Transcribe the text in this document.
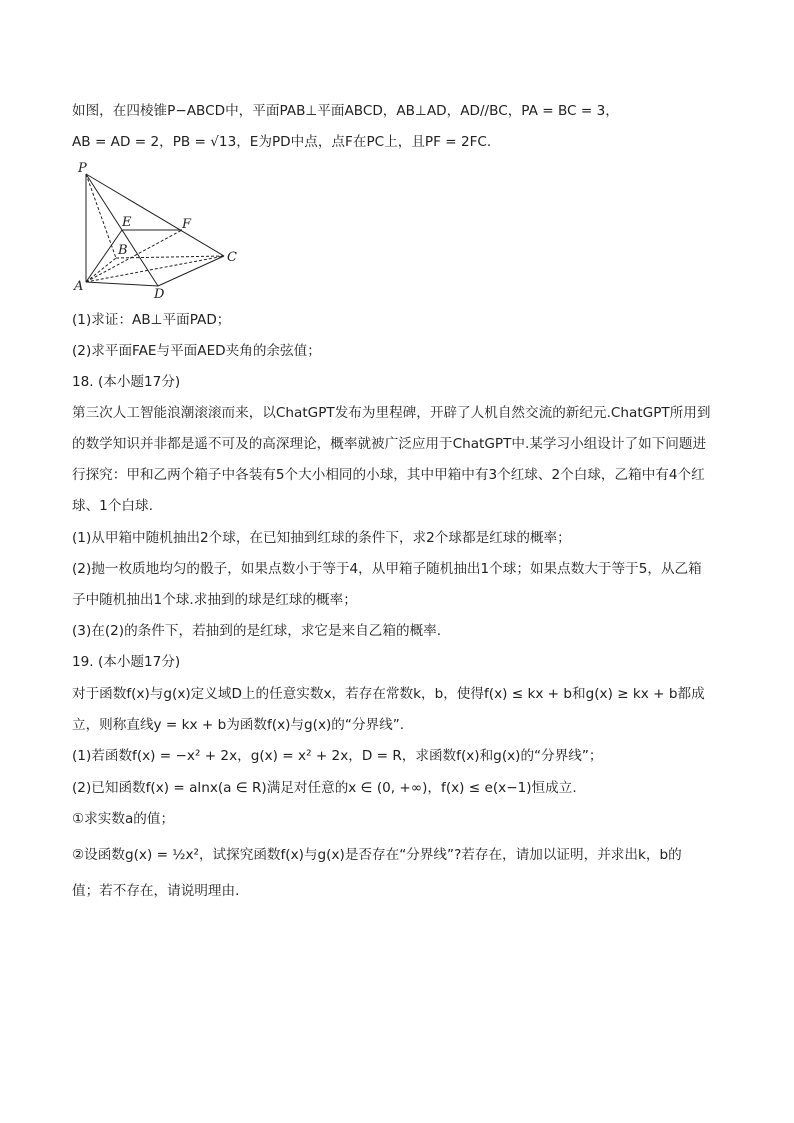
如图，在四棱锥P−ABCD中，平面PAB⊥平面ABCD，AB⊥AD，AD//BC，PA = BC = 3，
AB = AD = 2，PB = √13，E为PD中点，点F在PC上，且PF = 2FC.
P
E	F
B	C
A
D
(1)求证：AB⊥平面PAD；
(2)求平面FAE与平面AED夹角的余弦值；
18. (本小题17分)
第三次人工智能浪潮滚滚而来，以ChatGPT发布为里程碑，开辟了人机自然交流的新纪元.ChatGPT所用到
的数学知识并非都是遥不可及的高深理论，概率就被广泛应用于ChatGPT中.某学习小组设计了如下问题进
行探究：甲和乙两个箱子中各装有5个大小相同的小球，其中甲箱中有3个红球、2个白球，乙箱中有4个红
球、1个白球.
(1)从甲箱中随机抽出2个球，在已知抽到红球的条件下，求2个球都是红球的概率；
(2)抛一枚质地均匀的骰子，如果点数小于等于4，从甲箱子随机抽出1个球；如果点数大于等于5，从乙箱
子中随机抽出1个球.求抽到的球是红球的概率；
(3)在(2)的条件下，若抽到的是红球，求它是来自乙箱的概率.
19. (本小题17分)
对于函数f(x)与g(x)定义域D上的任意实数x，若存在常数k，b，使得f(x) ≤ kx + b和g(x) ≥ kx + b都成
立，则称直线y = kx + b为函数f(x)与g(x)的“分界线”.
(1)若函数f(x) = −x² + 2x，g(x) = x² + 2x，D = R，求函数f(x)和g(x)的“分界线”；
(2)已知函数f(x) = alnx(a ∈ R)满足对任意的x ∈ (0, +∞)，f(x) ≤ e(x−1)恒成立.
①求实数a的值；
②设函数g(x) = ½x²，试探究函数f(x)与g(x)是否存在“分界线”?若存在，请加以证明，并求出k，b的
值；若不存在，请说明理由.
